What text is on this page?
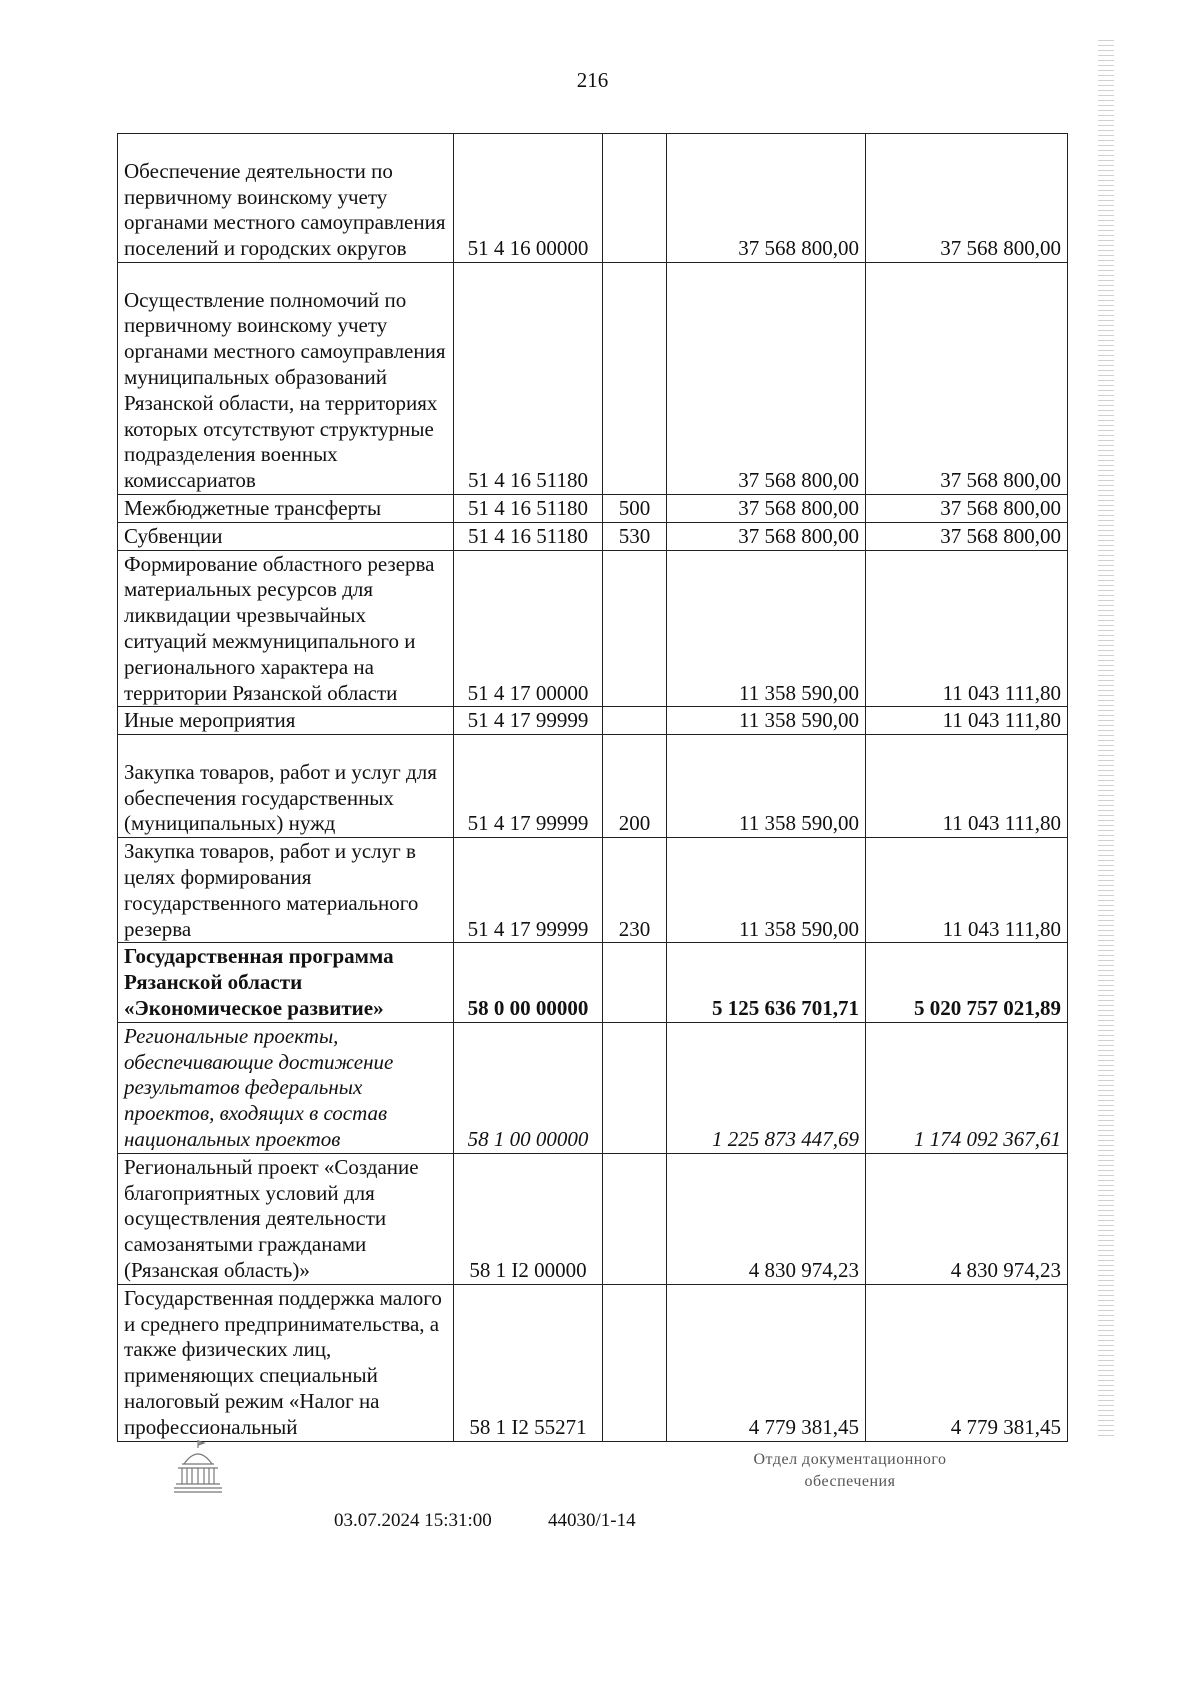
216
Обеспечение деятельности по первичному воинскому учету органами местного самоуправления поселений и городских округов	51 4 16 00000		37 568 800,00	37 568 800,00
Осуществление полномочий по первичному воинскому учету органами местного самоуправления муниципальных образований Рязанской области, на территориях которых отсутствуют структурные подразделения военных комиссариатов	51 4 16 51180		37 568 800,00	37 568 800,00
Межбюджетные трансферты	51 4 16 51180	500	37 568 800,00	37 568 800,00
Субвенции	51 4 16 51180	530	37 568 800,00	37 568 800,00
Формирование областного резерва материальных ресурсов для ликвидации чрезвычайных ситуаций межмуниципального и регионального характера на территории Рязанской области	51 4 17 00000		11 358 590,00	11 043 111,80
Иные мероприятия	51 4 17 99999		11 358 590,00	11 043 111,80
Закупка товаров, работ и услуг для обеспечения государственных (муниципальных) нужд	51 4 17 99999	200	11 358 590,00	11 043 111,80
Закупка товаров, работ и услуг в целях формирования государственного материального резерва	51 4 17 99999	230	11 358 590,00	11 043 111,80
Государственная программа Рязанской области «Экономическое развитие»	58 0 00 00000		5 125 636 701,71	5 020 757 021,89
Региональные проекты, обеспечивающие достижение результатов федеральных проектов, входящих в состав национальных проектов	58 1 00 00000		1 225 873 447,69	1 174 092 367,61
Региональный проект «Создание благоприятных условий для осуществления деятельности самозанятыми гражданами (Рязанская область)»	58 1 I2 00000		4 830 974,23	4 830 974,23
Государственная поддержка малого и среднего предпринимательства, а также физических лиц, применяющих специальный налоговый режим «Налог на профессиональный	58 1 I2 55271		4 779 381,45	4 779 381,45
03.07.2024 15:31:00	44030/1-14
Отдел документационного
обеспечения
